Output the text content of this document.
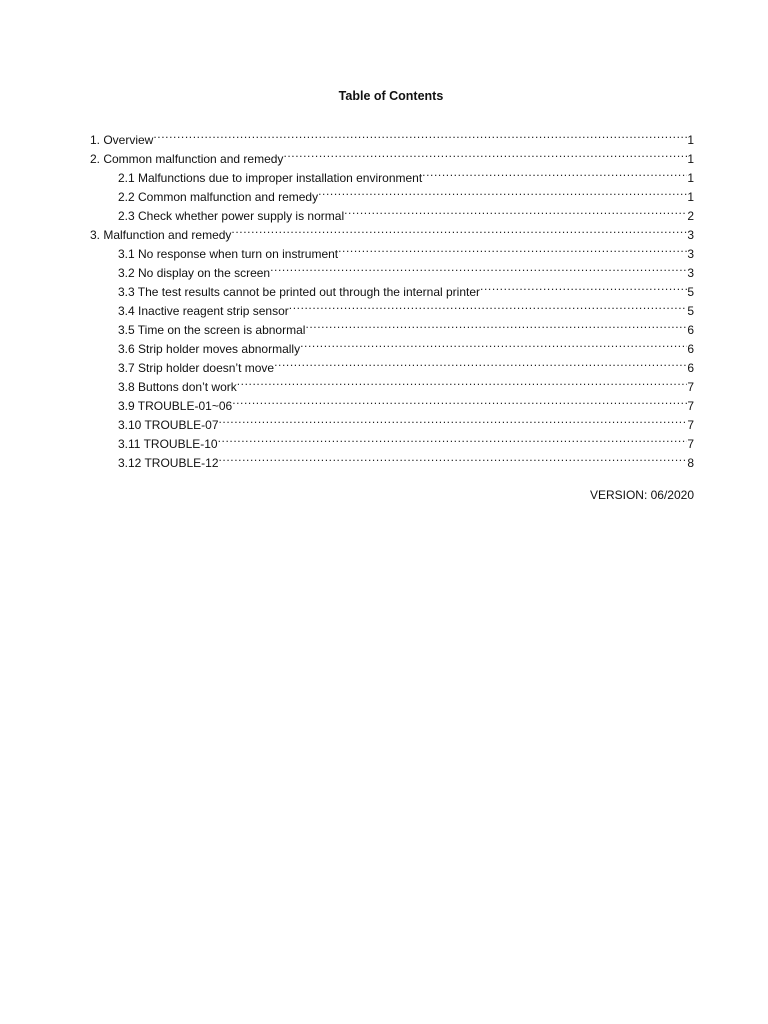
Table of Contents
1. Overview .....	1
2. Common malfunction and remedy .....	1
2.1 Malfunctions due to improper installation environment .....	1
2.2 Common malfunction and remedy .....	1
2.3 Check whether power supply is normal .....	2
3. Malfunction and remedy .....	3
3.1 No response when turn on instrument .....	3
3.2 No display on the screen .....	3
3.3 The test results cannot be printed out through the internal printer .....	5
3.4 Inactive reagent strip sensor .....	5
3.5 Time on the screen is abnormal .....	6
3.6 Strip holder moves abnormally .....	6
3.7 Strip holder doesn’t move .....	6
3.8 Buttons don’t work .....	7
3.9 TROUBLE-01~06 .....	7
3.10 TROUBLE-07 .....	7
3.11 TROUBLE-10 .....	7
3.12 TROUBLE-12 .....	8
VERSION: 06/2020
